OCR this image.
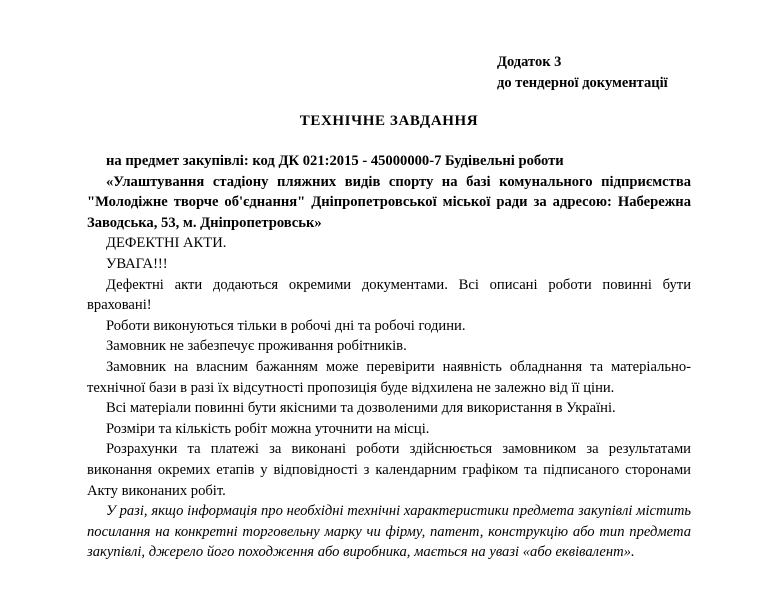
Додаток 3
до тендерної документації
ТЕХНІЧНЕ ЗАВДАННЯ

на предмет закупівлі: код ДК 021:2015 - 45000000-7 Будівельні роботи

«Улаштування стадіону пляжних видів спорту на базі комунального підприємства "Молодіжне творче об'єднання" Дніпропетровської міської ради за адресою: Набережна Заводська, 53, м. Дніпропетровськ»

ДЕФЕКТНІ АКТИ.

УВАГА!!!

Дефектні акти додаються окремими документами. Всі описані роботи повинні бути враховані!

Роботи виконуються тільки в робочі дні та робочі години.

Замовник не забезпечує проживання робітників.

Замовник на власним бажанням може перевірити наявність обладнання та матеріально-технічної бази в разі їх відсутності пропозиція буде відхилена не залежно від її ціни.

Всі матеріали повинні бути якісними та дозволеними для використання в Україні.

Розміри та кількість робіт можна уточнити на місці.

Розрахунки та платежі за виконані роботи здійснюється замовником за результатами виконання окремих етапів у відповідності з календарним графіком та підписаного сторонами Акту виконаних робіт.

У разі, якщо інформація про необхідні технічні характеристики предмета закупівлі містить посилання на конкретні торговельну марку чи фірму, патент, конструкцію або тип предмета закупівлі, джерело його походження або виробника, мається на увазі «або еквівалент».
